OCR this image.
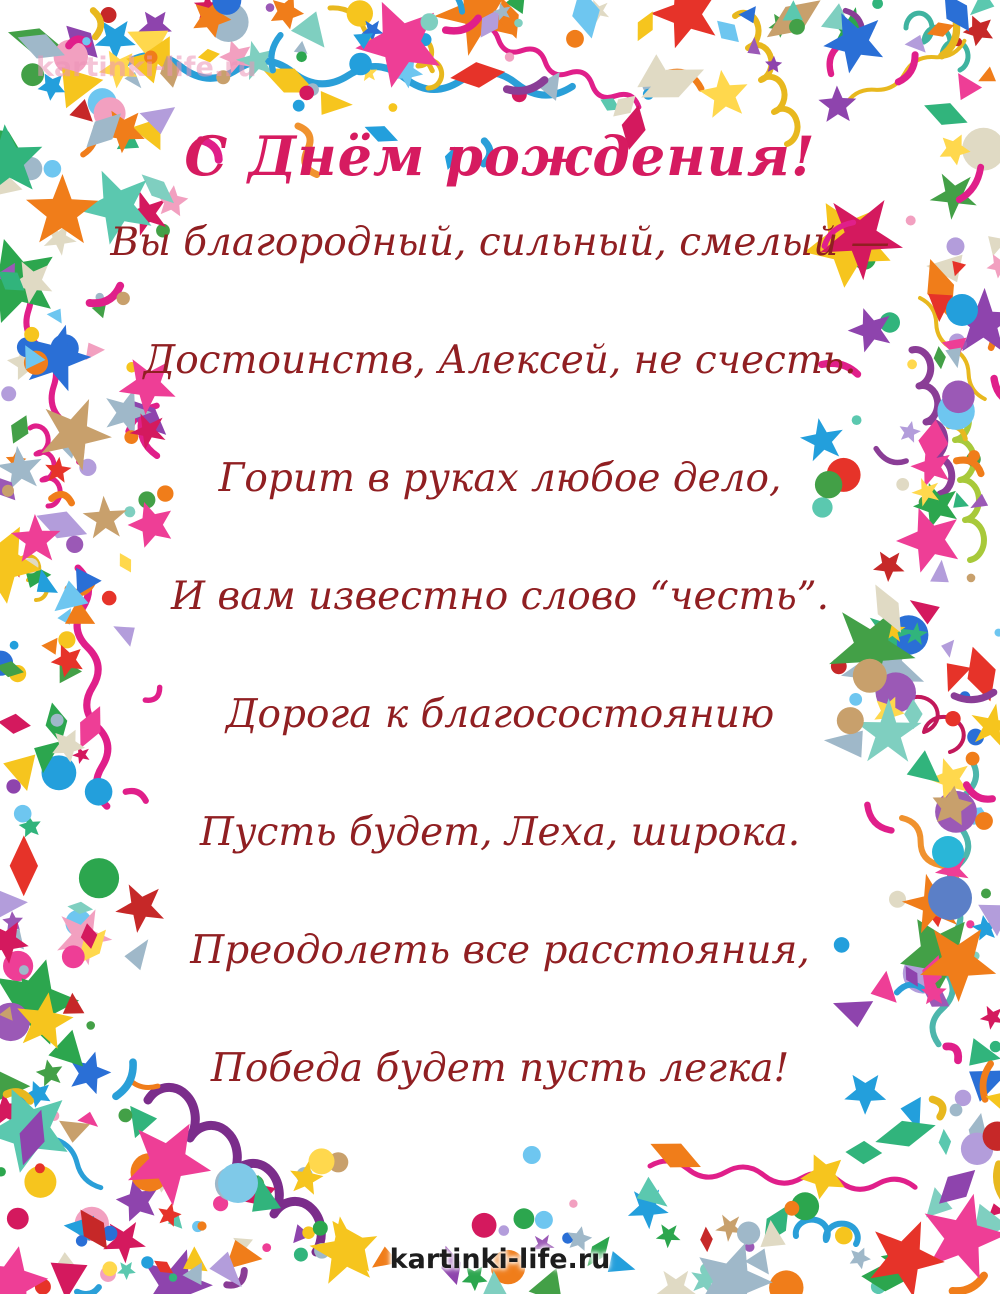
kartinki-life.ru
С Днём рождения!

Вы благородный, сильный, смелый —

Достоинств, Алексей, не счесть.

Горит в руках любое дело,

И вам известно слово “честь”.

Дорога к благосостоянию

Пусть будет, Леха, широка.

Преодолеть все расстояния,

Победа будет пусть легка!

kartinki-life.ru
